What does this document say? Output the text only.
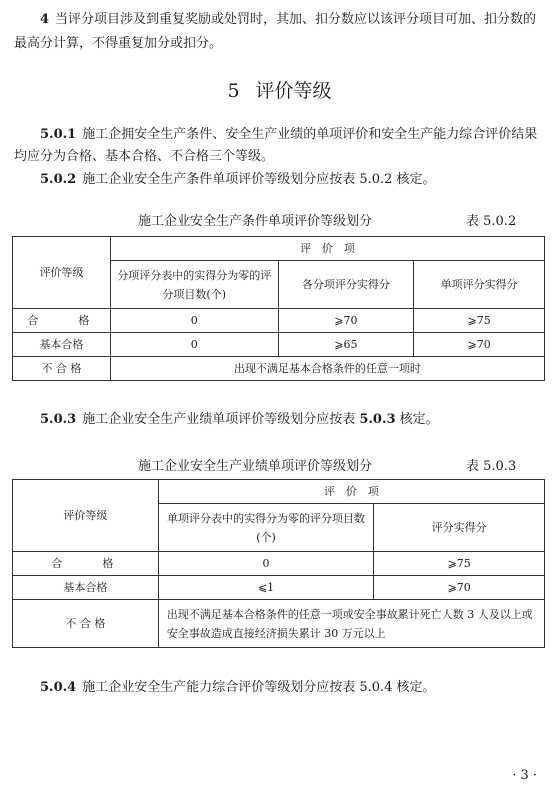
4 当评分项目涉及到重复奖励或处罚时，其加、扣分数应以该评分项目可加、扣分数的最高分计算，不得重复加分或扣分。
5 评价等级
5.0.1 施工企拥安全生产条件、安全生产业绩的单项评价和安全生产能力综合评价结果均应分为合格、基本合格、不合格三个等级。
5.0.2 施工企业安全生产条件单项评价等级划分应按表 5.0.2 核定。
施工企业安全生产条件单项评价等级划分	表 5.0.2
评价等级	评　价　项		
	分项评分表中的实得分为零的评分项目数(个)	各分项评分实得分	单项评分实得分
合　　格	0	⩾70	⩾75
基本合格	0	⩾65	⩾70
不 合 格	出现不满足基本合格条件的任意一项时		
5.0.3 施工企业安全生产业绩单项评价等级划分应按表 5.0.3 核定。
施工企业安全生产业绩单项评价等级划分	表 5.0.3
评价等级	评　价　项	
	单项评分表中的实得分为零的评分项目数(个)	评分实得分
合　　格	0	⩾75
基本合格	⩽1	⩾70
不 合 格	出现不满足基本合格条件的任意一项或安全事故累计死亡人数 3 人及以上或安全事故造成直接经济损失累计 30 万元以上	
5.0.4 施工企业安全生产能力综合评价等级划分应按表 5.0.4 核定。
· 3 ·
